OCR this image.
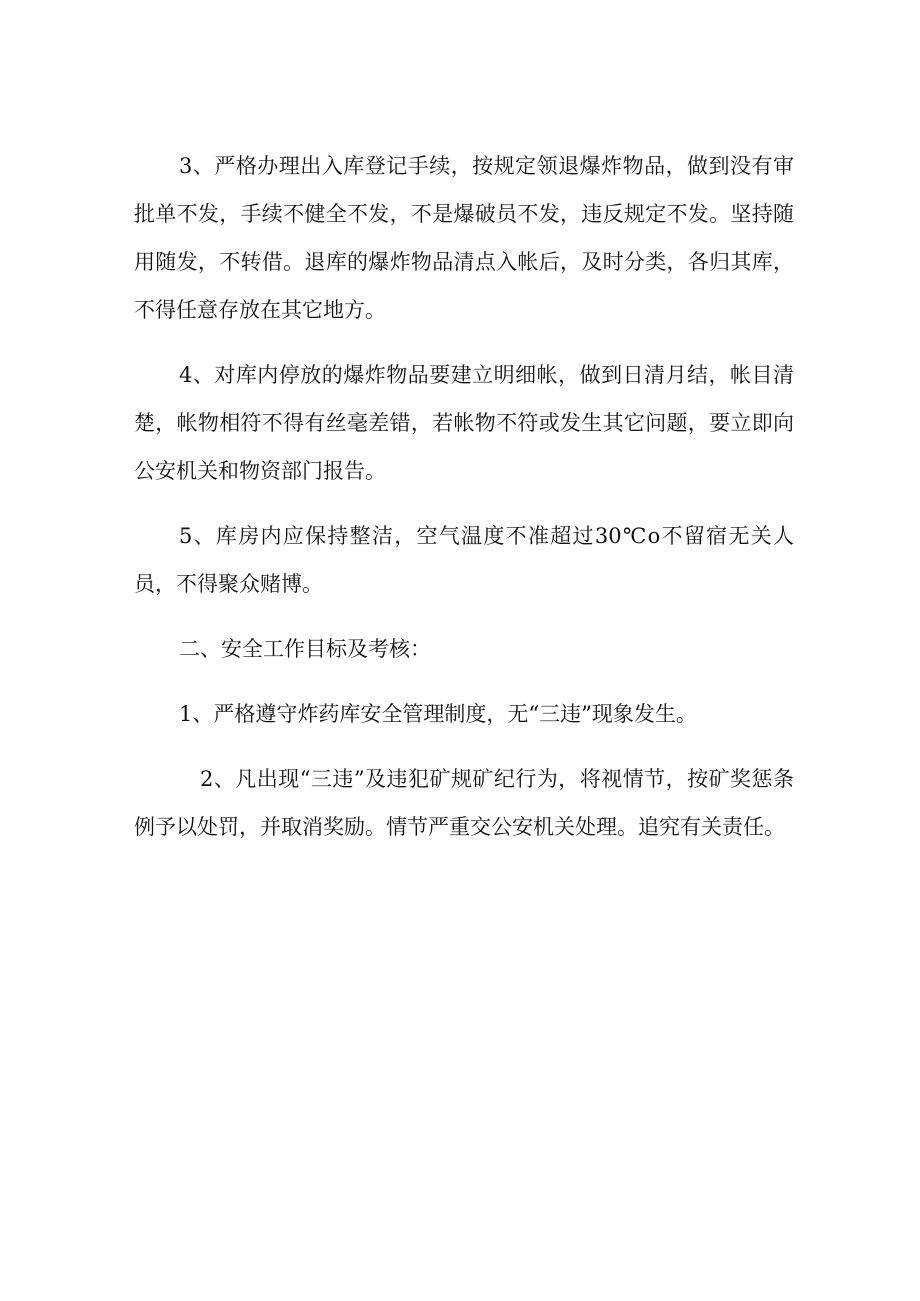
3、严格办理出入库登记手续，按规定领退爆炸物品，做到没有审批单不发，手续不健全不发，不是爆破员不发，违反规定不发。坚持随用随发，不转借。退库的爆炸物品清点入帐后，及时分类，各归其库，不得任意存放在其它地方。

4、对库内停放的爆炸物品要建立明细帐，做到日清月结，帐目清楚，帐物相符不得有丝毫差错，若帐物不符或发生其它问题，要立即向公安机关和物资部门报告。

5、库房内应保持整洁，空气温度不准超过30℃o不留宿无关人员，不得聚众赌博。

二、安全工作目标及考核：

1、严格遵守炸药库安全管理制度，无“三违”现象发生。

2、凡出现“三违”及违犯矿规矿纪行为，将视情节，按矿奖惩条例予以处罚，并取消奖励。情节严重交公安机关处理。追究有关责任。
